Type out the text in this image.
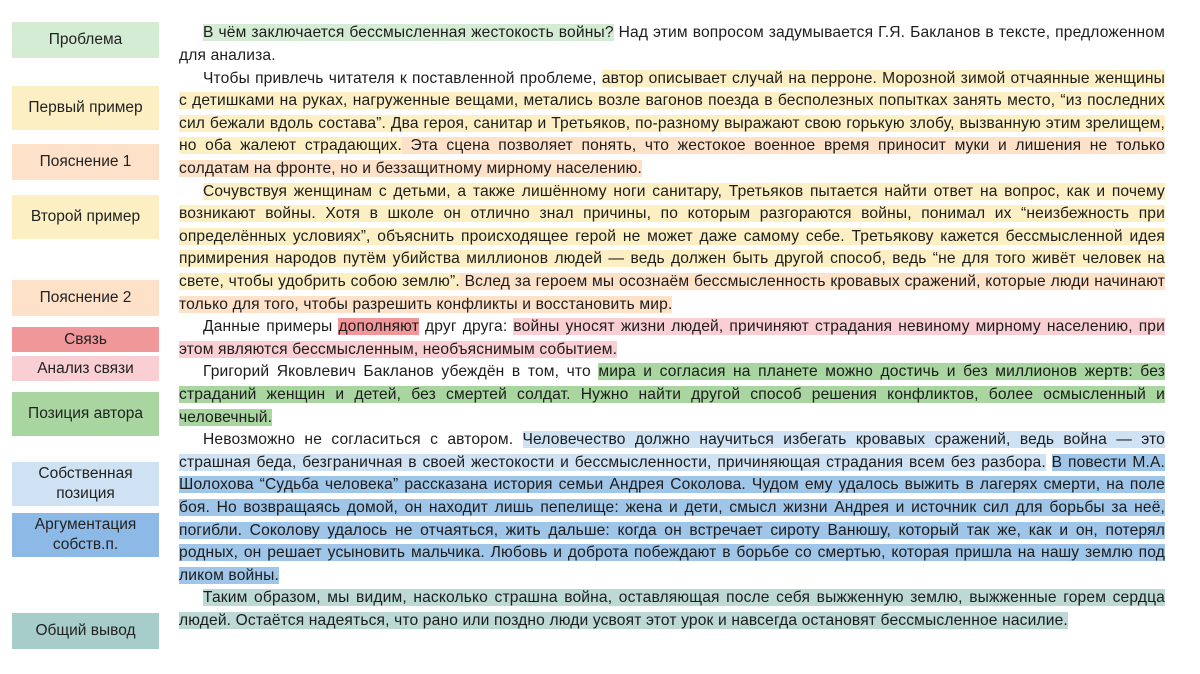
Проблема
Первый пример
Пояснение 1
Второй пример
Пояснение 2
Связь
Анализ связи
Позиция автора
Собственная позиция
Аргументация собств.п.
Общий вывод

В чём заключается бессмысленная жестокость войны? Над этим вопросом задумывается Г.Я. Бакланов в тексте, предложенном для анализа.

Чтобы привлечь читателя к поставленной проблеме, автор описывает случай на перроне. Морозной зимой отчаянные женщины с детишками на руках, нагруженные вещами, метались возле вагонов поезда в бесполезных попытках занять место, “из последних сил бежали вдоль состава”. Два героя, санитар и Третьяков, по-разному выражают свою горькую злобу, вызванную этим зрелищем, но оба жалеют страдающих. Эта сцена позволяет понять, что жестокое военное время приносит муки и лишения не только солдатам на фронте, но и беззащитному мирному населению.

Сочувствуя женщинам с детьми, а также лишённому ноги санитару, Третьяков пытается найти ответ на вопрос, как и почему возникают войны. Хотя в школе он отлично знал причины, по которым разгораются войны, понимал их “неизбежность при определённых условиях”, объяснить происходящее герой не может даже самому себе. Третьякову кажется бессмысленной идея примирения народов путём убийства миллионов людей — ведь должен быть другой способ, ведь “не для того живёт человек на свете, чтобы удобрить собою землю”. Вслед за героем мы осознаём бессмысленность кровавых сражений, которые люди начинают только для того, чтобы разрешить конфликты и восстановить мир.

Данные примеры дополняют друг друга: войны уносят жизни людей, причиняют страдания невиному мирному населению, при этом являются бессмысленным, необъяснимым событием.

Григорий Яковлевич Бакланов убеждён в том, что мира и согласия на планете можно достичь и без миллионов жертв: без страданий женщин и детей, без смертей солдат. Нужно найти другой способ решения конфликтов, более осмысленный и человечный.

Невозможно не согласиться с автором. Человечество должно научиться избегать кровавых сражений, ведь война — это страшная беда, безграничная в своей жестокости и бессмысленности, причиняющая страдания всем без разбора. В повести М.А. Шолохова “Судьба человека” рассказана история семьи Андрея Соколова. Чудом ему удалось выжить в лагерях смерти, на поле боя. Но возвращаясь домой, он находит лишь пепелище: жена и дети, смысл жизни Андрея и источник сил для борьбы за неё, погибли. Соколову удалось не отчаяться, жить дальше: когда он встречает сироту Ванюшу, который так же, как и он, потерял родных, он решает усыновить мальчика. Любовь и доброта побеждают в борьбе со смертью, которая пришла на нашу землю под ликом войны.

Таким образом, мы видим, насколько страшна война, оставляющая после себя выжженную землю, выжженные горем сердца людей. Остаётся надеяться, что рано или поздно люди усвоят этот урок и навсегда остановят бессмысленное насилие.
